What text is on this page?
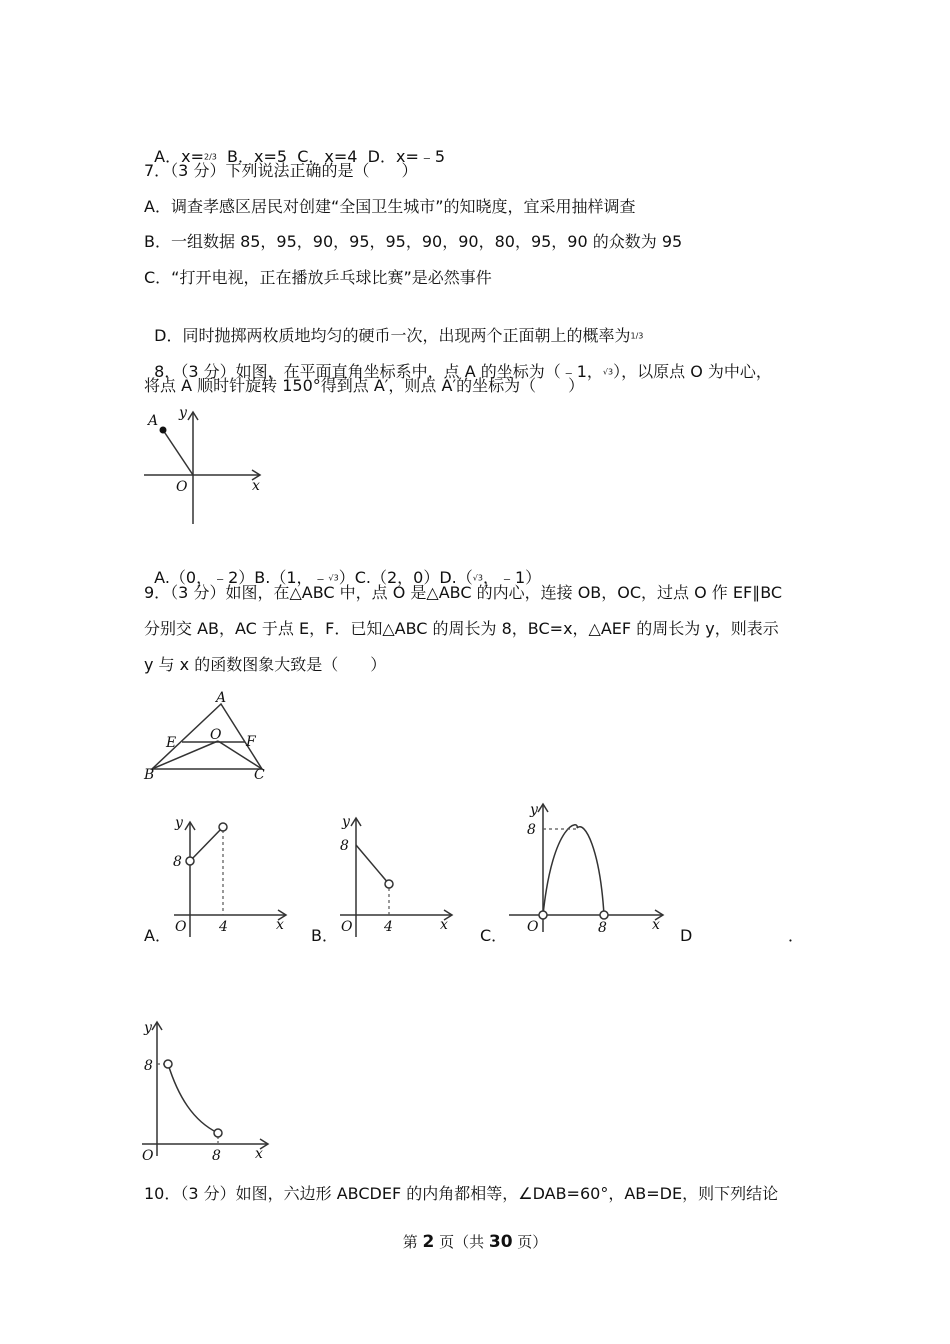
A．x=2/3  B．x=5  C．x=4  D．x=﹣5

7．（3 分）下列说法正确的是（　　）
A．调查孝感区居民对创建“全国卫生城市”的知晓度，宜采用抽样调查
B．一组数据 85，95，90，95，95，90，90，80，95，90 的众数为 95
C．“打开电视，正在播放乒乓球比赛”是必然事件

D．同时抛掷两枚质地均匀的硬币一次，出现两个正面朝上的概率为1/3

8．（3 分）如图，在平面直角坐标系中，点 A 的坐标为（﹣1，√3），以原点 O 为中心，

将点 A 顺时针旋转 150°得到点 A′，则点 A′的坐标为（　　）
A y
O	x

A.（0，﹣2）B.（1，﹣√3）C.（2，0）D.（√3，﹣1）

9．（3 分）如图，在△ABC 中，点 O 是△ABC 的内心，连接 OB，OC，过点 O 作 EF∥BC
分别交 AB，AC 于点 E，F．已知△ABC 的周长为 8，BC=x，△AEF 的周长为 y，则表示
y 与 x 的函数图象大致是（　　）
A
E O F
B	C
A．
y
8
O 4	x
B．
y
8
O 4	x
C．
y
8
O	8	x
D	．
y
8
O	8 x
10．（3 分）如图，六边形 ABCDEF 的内角都相等，∠DAB=60°，AB=DE，则下列结论
第 2 页（共 30 页）
